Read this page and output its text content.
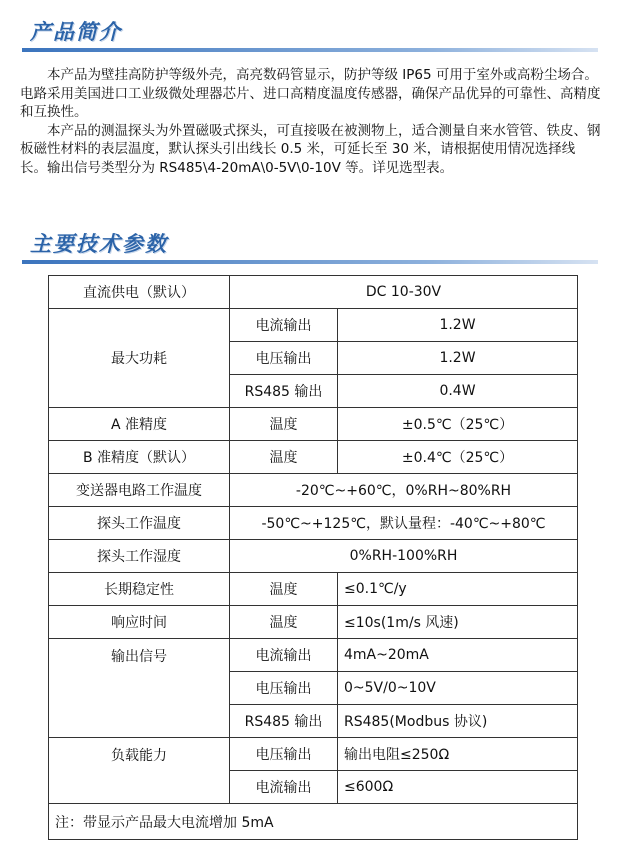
产品简介

本产品为壁挂高防护等级外壳，高亮数码管显示，防护等级 IP65 可用于室外或高粉尘场合。电路采用美国进口工业级微处理器芯片、进口高精度温度传感器，确保产品优异的可靠性、高精度和互换性。

本产品的测温探头为外置磁吸式探头，可直接吸在被测物上，适合测量自来水管管、铁皮、钢板磁性材料的表层温度，默认探头引出线长 0.5 米，可延长至 30 米，请根据使用情况选择线长。输出信号类型分为 RS485\4-20mA\0-5V\0-10V 等。详见选型表。

主要技术参数
直流供电（默认）	DC 10-30V	
最大功耗	电流输出	1.2W
	电压输出	1.2W
	RS485 输出	0.4W
A 准精度	温度	±0.5℃（25℃）
B 准精度（默认）	温度	±0.4℃（25℃）
变送器电路工作温度	-20℃~+60℃，0%RH~80%RH	
探头工作温度	-50℃~+125℃，默认量程：-40℃~+80℃	
探头工作湿度	0%RH-100%RH	
长期稳定性	温度	≤0.1℃/y
响应时间	温度	≤10s(1m/s 风速)
输出信号	电流输出	4mA~20mA
	电压输出	0~5V/0~10V
	RS485 输出	RS485(Modbus 协议)
负载能力	电压输出	输出电阻≤250Ω
	电流输出	≤600Ω
注：带显示产品最大电流增加 5mA		
